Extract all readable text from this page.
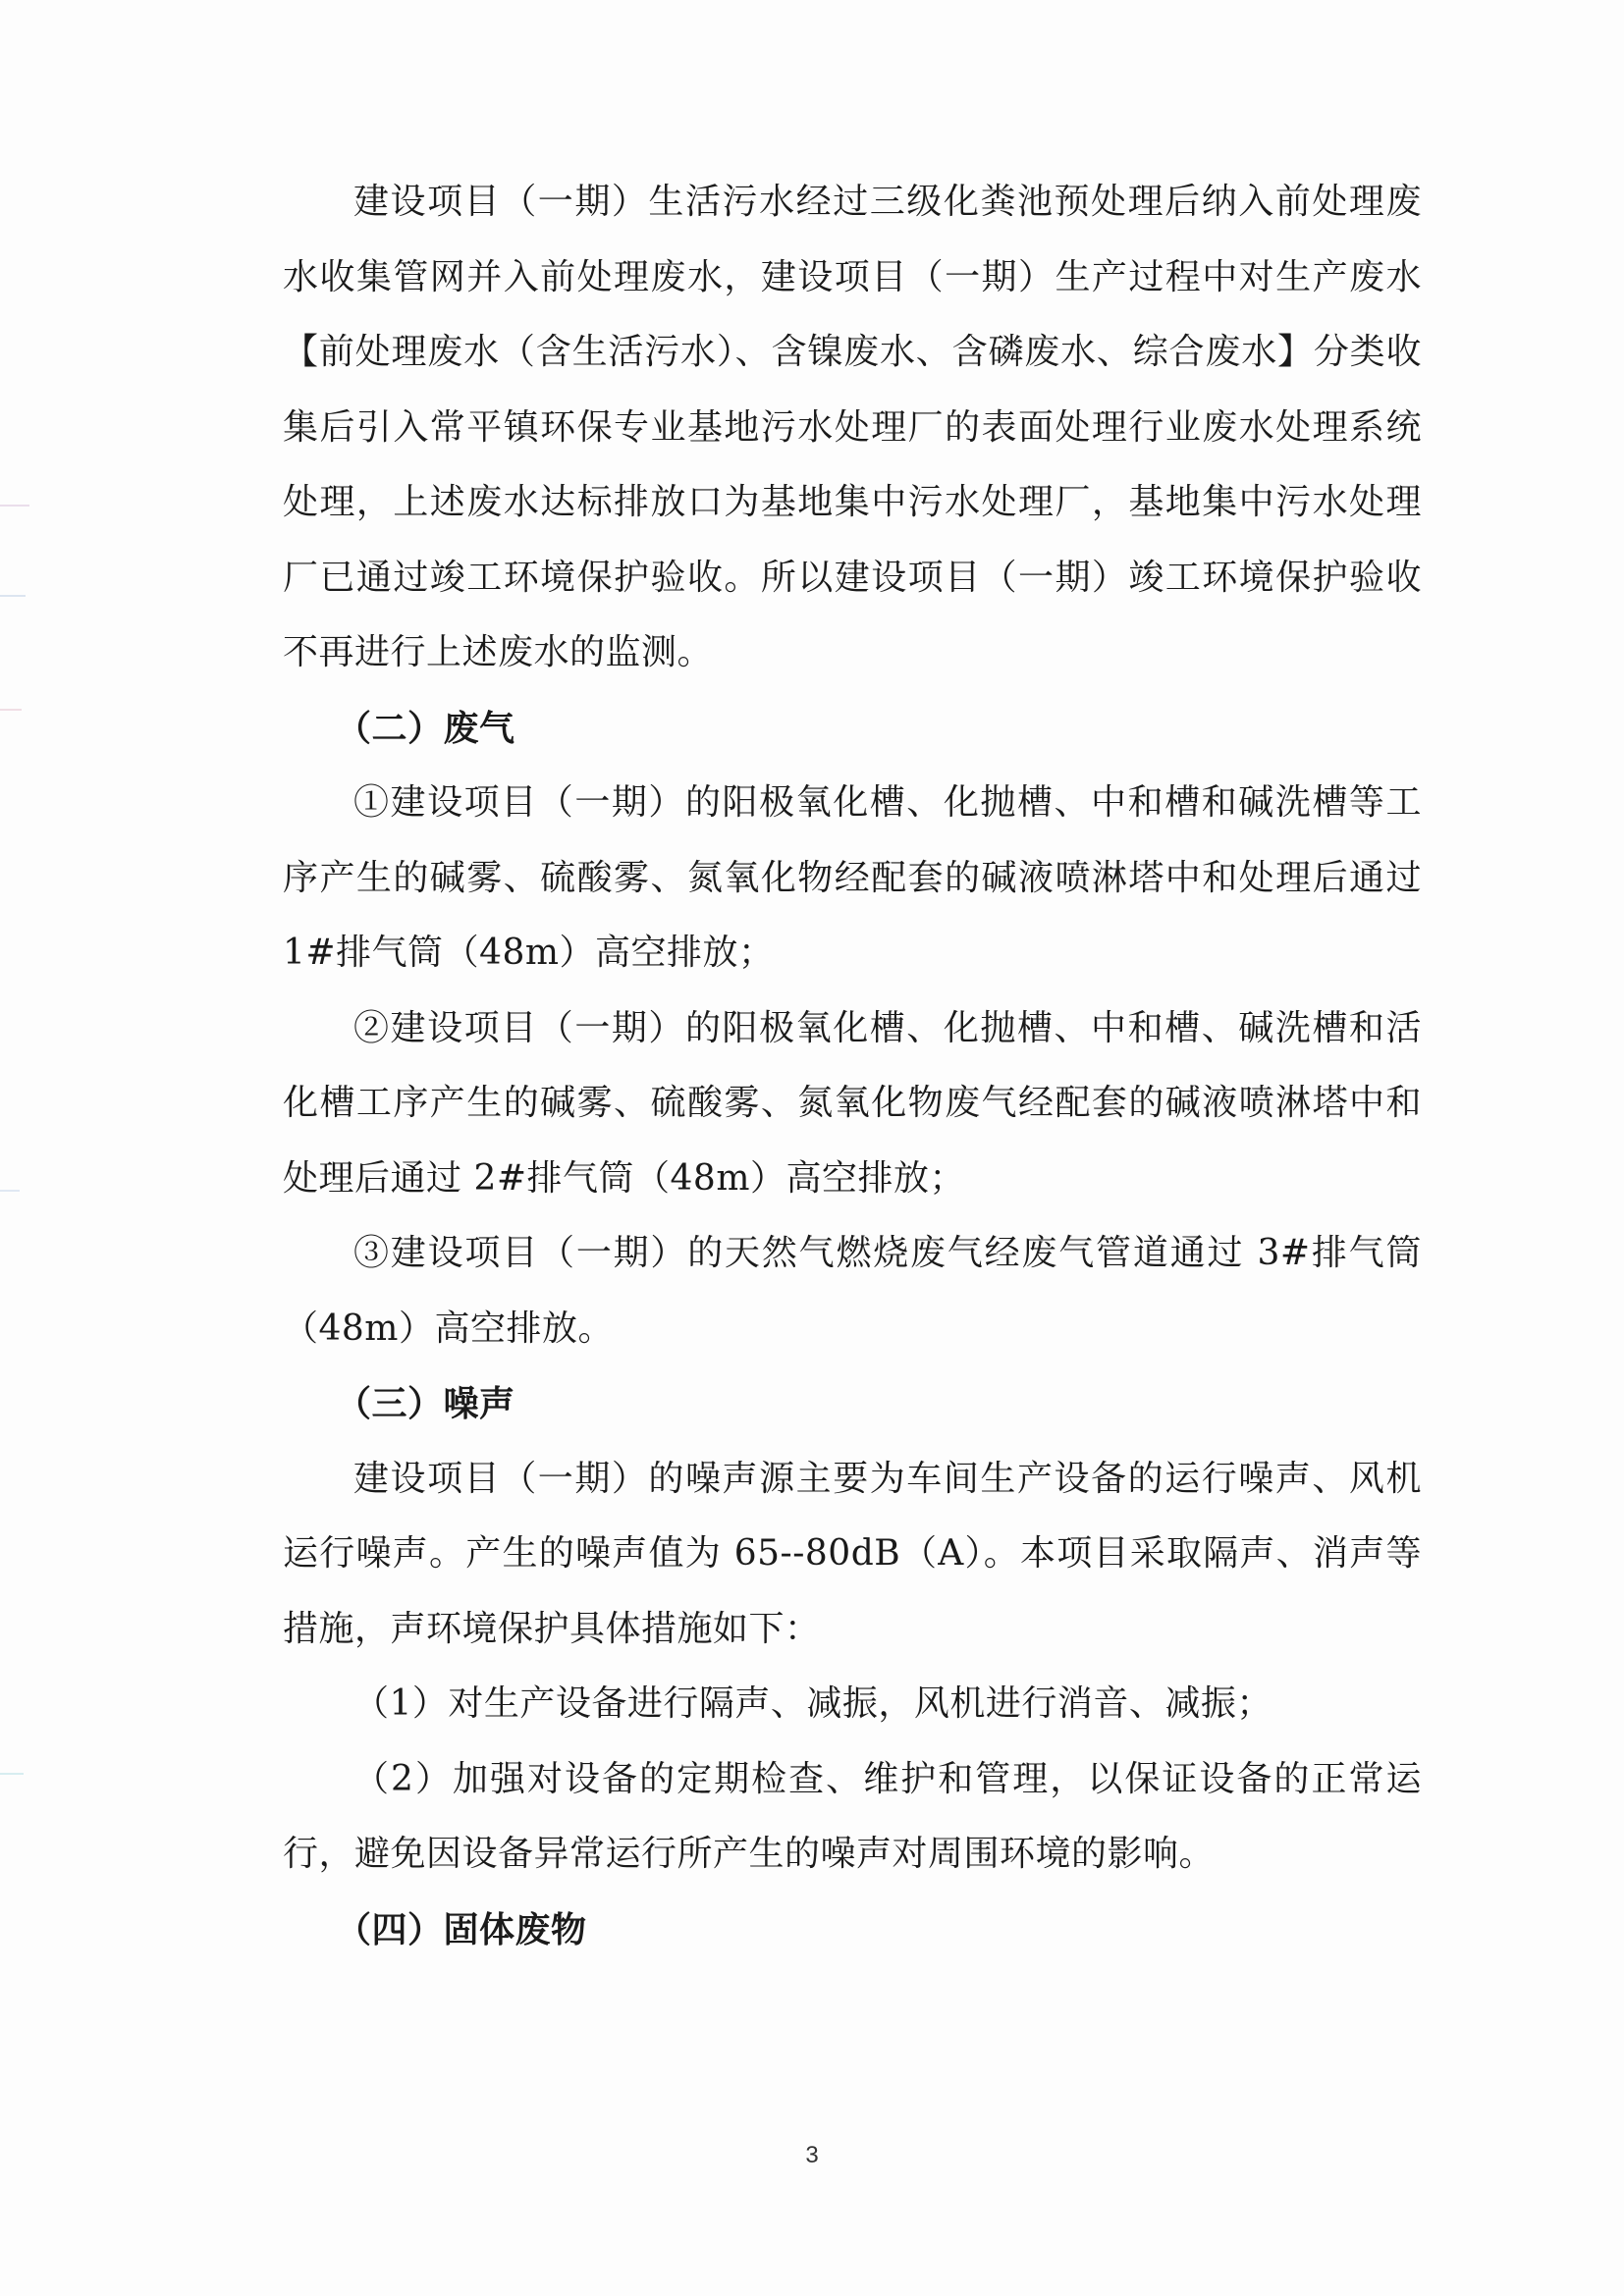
建设项目（一期）生活污水经过三级化粪池预处理后纳入前处理废水收集管网并入前处理废水，建设项目（一期）生产过程中对生产废水【前处理废水（含生活污水）、含镍废水、含磷废水、综合废水】分类收集后引入常平镇环保专业基地污水处理厂的表面处理行业废水处理系统处理，上述废水达标排放口为基地集中污水处理厂，基地集中污水处理厂已通过竣工环境保护验收。所以建设项目（一期）竣工环境保护验收不再进行上述废水的监测。

（二）废气

①建设项目（一期）的阳极氧化槽、化抛槽、中和槽和碱洗槽等工序产生的碱雾、硫酸雾、氮氧化物经配套的碱液喷淋塔中和处理后通过 1#排气筒（48m）高空排放；

②建设项目（一期）的阳极氧化槽、化抛槽、中和槽、碱洗槽和活化槽工序产生的碱雾、硫酸雾、氮氧化物废气经配套的碱液喷淋塔中和处理后通过 2#排气筒（48m）高空排放；

③建设项目（一期）的天然气燃烧废气经废气管道通过 3#排气筒（48m）高空排放。

（三）噪声

建设项目（一期）的噪声源主要为车间生产设备的运行噪声、风机运行噪声。产生的噪声值为 65--80dB（A）。本项目采取隔声、消声等措施，声环境保护具体措施如下：

（1）对生产设备进行隔声、减振，风机进行消音、减振；

（2）加强对设备的定期检查、维护和管理，以保证设备的正常运行，避免因设备异常运行所产生的噪声对周围环境的影响。

（四）固体废物

3
